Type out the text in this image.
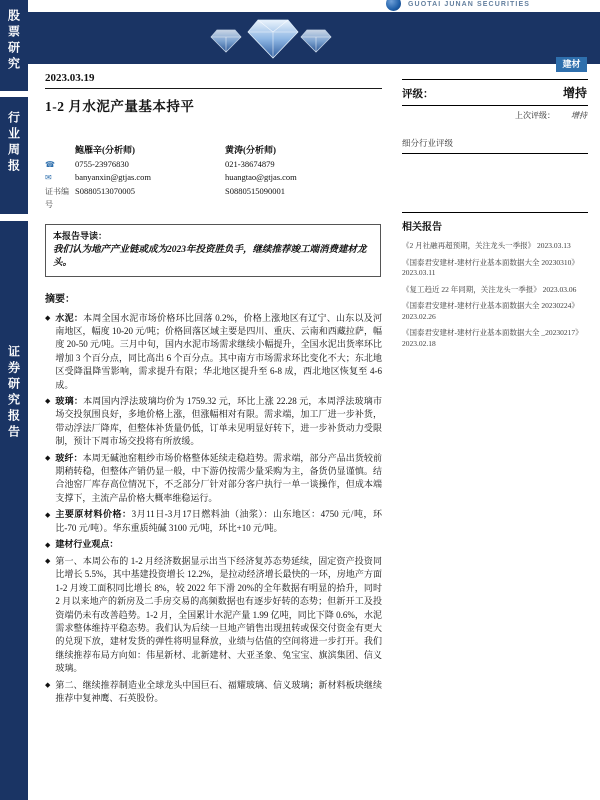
股票研究
行业周报
证券研究报告
GUOTAI JUNAN SECURITIES
建材
评级：	增持
上次评级： 增持
细分行业评级
相关报告
《2 月社融再超预期，关注龙头一季报》 2023.03.13
《国泰君安建材-建材行业基本面数据大全 20230310》 2023.03.11
《复工趋近 22 年同期，关注龙头一季报》 2023.03.06
《国泰君安建材-建材行业基本面数据大全 20230224》 2023.02.26
《国泰君安建材-建材行业基本面数据大全 _20230217》 2023.02.18
2023.03.19
1-2 月水泥产量基本持平
鲍雁辛(分析师)	黄涛(分析师)
☎	0755-23976830	021-38674879
✉	banyanxin@gtjas.com	huangtao@gtjas.com
证书编号
S0880513070005	S0880515090001
本报告导读：
我们认为地产产业链或成为2023年投资胜负手，继续推荐竣工端消费建材龙头。
摘要：
◆ 水泥：本周全国水泥市场价格环比回落 0.2%，价格上涨地区有辽宁、山东以及河南地区，幅度 10-20 元/吨；价格回落区域主要是四川、重庆、云南和西藏拉萨，幅度 20-50 元/吨。三月中旬，国内水泥市场需求继续小幅提升，全国水泥出货率环比增加 3 个百分点，同比高出 6 个百分点。其中南方市场需求环比变化不大；东北地区受降温降雪影响，需求提升有限；华北地区提升至 6-8 成，西北地区恢复至 4-6 成。
◆ 玻璃：本周国内浮法玻璃均价为 1759.32 元，环比上涨 22.28 元，本周浮法玻璃市场交投氛围良好，多地价格上涨，但涨幅相对有限。需求端，加工厂进一步补货，带动浮法厂降库，但整体补货量仍低，订单未见明显好转下，进一步补货动力受限制，预计下周市场交投将有所放缓。
◆ 玻纤：本周无碱池窑粗纱市场价格整体延续走稳趋势。需求端，部分产品出货较前期稍转稳，但整体产销仍显一般，中下游仍按需少量采购为主，备货仍显谨慎。结合池窑厂库存高位情况下，不乏部分厂针对部分客户执行一单一谈操作，但成本端支撑下，主流产品价格大概率维稳运行。
◆ 主要原材料价格：3月11日-3月17日燃料油（油浆）：山东地区：4750 元/吨，环比-70 元/吨）。华东重质纯碱 3100 元/吨，环比+10 元/吨。
◆ 建材行业观点：
◆ 第一、本周公布的 1-2 月经济数据显示出当下经济复苏态势延续，固定资产投资同比增长 5.5%，其中基建投资增长 12.2%，是拉动经济增长最快的一环，房地产方面 1-2 月竣工面积同比增长 8%，较 2022 年下滑 20%的全年数据有明显的拾升，同时 2 月以来地产的新房及二手房交易的高频数据也有逐步好转的态势；但新开工及投资端仍未有改善趋势。1-2 月，全国累计水泥产量 1.99 亿吨，同比下降 0.6%，水泥需求整体维持平稳态势。我们认为后续一旦地产销售出现扭转或保交付资金有更大的兑现下放，建材发货的弹性将明显释放，业绩与估值的空间将进一步打开。我们继续推荐布局方向如：伟星新材、北新建材、大亚圣象、兔宝宝、旗滨集团、信义玻璃。
◆ 第二、继续推荐制造业全球龙头中国巨石、福耀玻璃、信义玻璃；新材料板块继续推荐中复神鹰、石英股份。
